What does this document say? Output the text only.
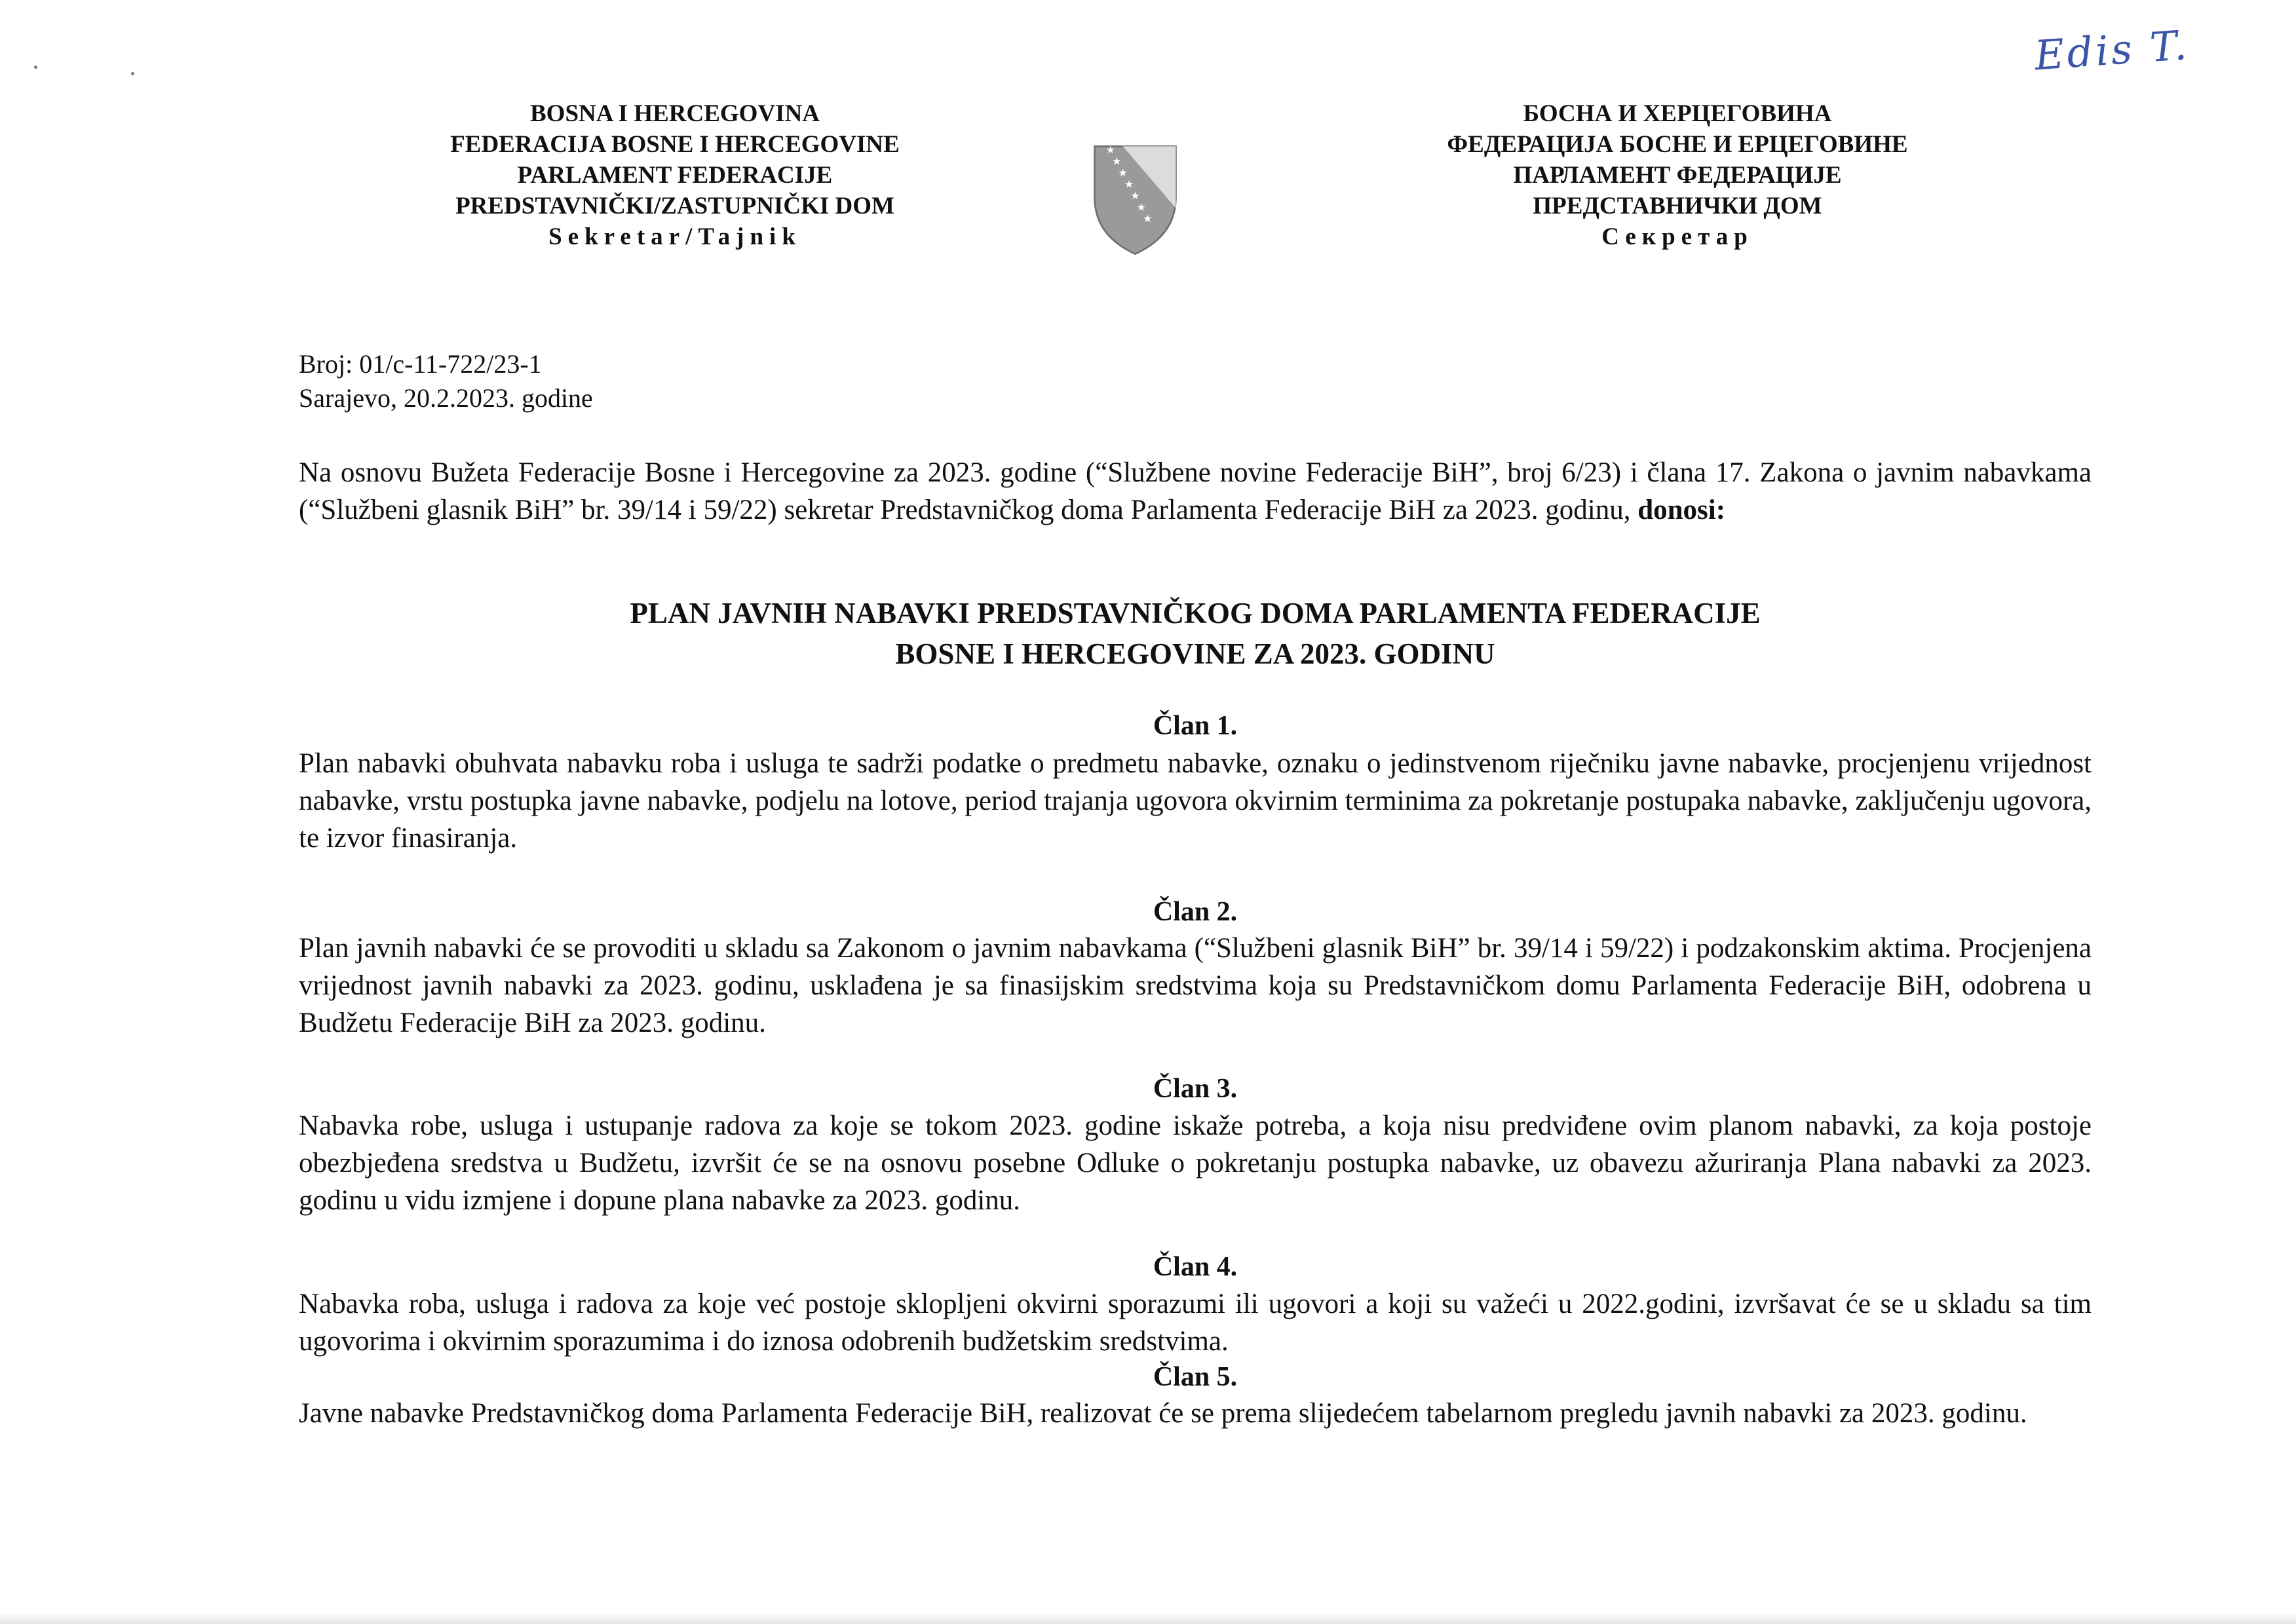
Edis T.
BOSNA I HERCEGOVINA
FEDERACIJA BOSNE I HERCEGOVINE
PARLAMENT FEDERACIJE
PREDSTAVNIČKI/ZASTUPNIČKI DOM
Sekretar/Tajnik
★
★
★
★
★
★
★
БОСНА И ХЕРЦЕГОВИНА
ФЕДЕРАЦИЈА БОСНЕ И ЕРЦЕГОВИНЕ
ПАРЛАМЕНТ ФЕДЕРАЦИЈЕ
ПРЕДСТАВНИЧКИ ДОМ
Секретар
Broj: 01/c-11-722/23-1
Sarajevo, 20.2.2023. godine
Na osnovu Bužeta Federacije Bosne i Hercegovine za 2023. godine (“Službene novine Federacije BiH”, broj 6/23) i člana 17. Zakona o javnim nabavkama (“Službeni glasnik BiH” br. 39/14 i 59/22) sekretar Predstavničkog doma Parlamenta Federacije BiH za 2023. godinu, donosi:
PLAN JAVNIH NABAVKI PREDSTAVNIČKOG DOMA PARLAMENTA FEDERACIJE
BOSNE I HERCEGOVINE ZA 2023. GODINU
Član 1.
Plan nabavki obuhvata nabavku roba i usluga te sadrži podatke o predmetu nabavke, oznaku o jedinstvenom riječniku javne nabavke, procjenjenu vrijednost nabavke, vrstu postupka javne nabavke, podjelu na lotove, period trajanja ugovora okvirnim terminima za pokretanje postupaka nabavke, zaključenju ugovora, te izvor finasiranja.
Član 2.
Plan javnih nabavki će se provoditi u skladu sa Zakonom o javnim nabavkama (“Službeni glasnik BiH” br. 39/14 i 59/22) i podzakonskim aktima. Procjenjena vrijednost javnih nabavki za 2023. godinu, usklađena je sa finasijskim sredstvima koja su Predstavničkom domu Parlamenta Federacije BiH, odobrena u Budžetu Federacije BiH za 2023. godinu.
Član 3.
Nabavka robe, usluga i ustupanje radova za koje se tokom 2023. godine iskaže potreba, a koja nisu predviđene ovim planom nabavki, za koja postoje obezbjeđena sredstva u Budžetu, izvršit će se na osnovu posebne Odluke o pokretanju postupka nabavke, uz obavezu ažuriranja Plana nabavki za 2023. godinu u vidu izmjene i dopune plana nabavke za 2023. godinu.
Član 4.
Nabavka roba, usluga i radova za koje već postoje sklopljeni okvirni sporazumi ili ugovori a koji su važeći u 2022.godini, izvršavat će se u skladu sa tim ugovorima i okvirnim sporazumima i do iznosa odobrenih budžetskim sredstvima.
Član 5.
Javne nabavke Predstavničkog doma Parlamenta Federacije BiH, realizovat će se prema slijedećem tabelarnom pregledu javnih nabavki za 2023. godinu.
